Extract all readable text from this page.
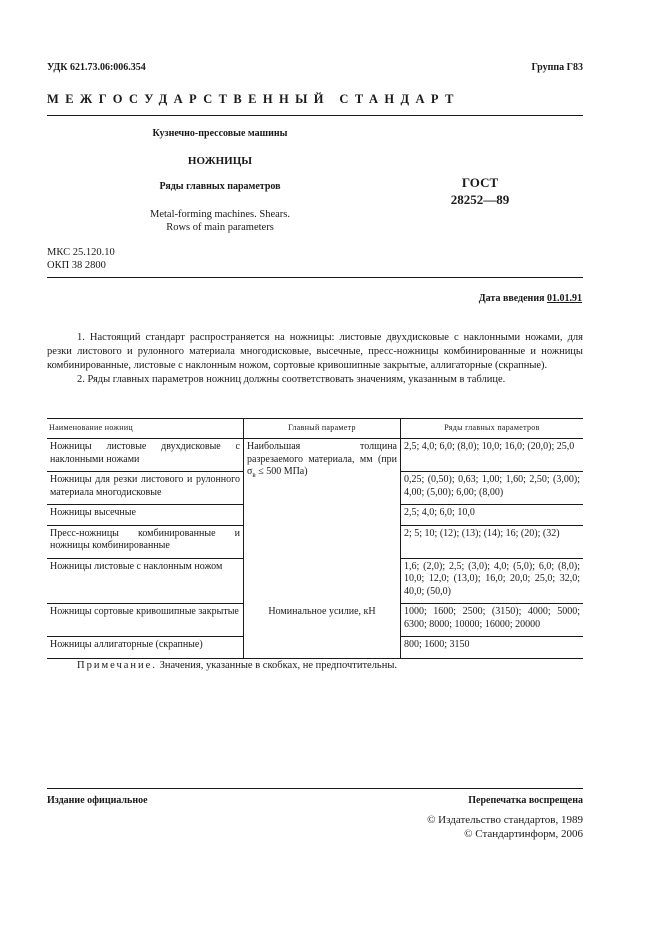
УДК 621.73.06:006.354	Группа Г83
МЕЖГОСУДАРСТВЕННЫЙ СТАНДАРТ
Кузнечно-прессовые машины
НОЖНИЦЫ
Ряды главных параметров
Metal-forming machines. Shears.
Rows of main parameters
ГОСТ
28252—89
МКС 25.120.10
ОКП 38 2800
Дата введения 01.01.91

1. Настоящий стандарт распространяется на ножницы: листовые двухдисковые с наклонными ножами, для резки листового и рулонного материала многодисковые, высечные, пресс-ножницы комбинированные и ножницы комбинированные, листовые с наклонным ножом, сортовые кривошипные закрытые, аллигаторные (скрапные).

2. Ряды главных параметров ножниц должны соответствовать значениям, указанным в таблице.

Наименование ножниц	Главный параметр	Ряды главных параметров
Ножницы листовые двухдисковые с наклонными ножами	Наибольшая толщина разрезаемого материала, мм (при $\sigma_в \le 500$ МПа)	2,5; 4,0; 6,0; (8,0); 10,0; 16,0; (20,0); 25,0
Ножницы для резки листового и рулонного материала многодисковые		0,25; (0,50); 0,63; 1,00; 1,60; 2,50; (3,00); 4,00; (5,00); 6,00; (8,00)
Ножницы высечные		2,5; 4,0; 6,0; 10,0
Пресс-ножницы комбинированные и ножницы комбинированные		2; 5; 10; (12); (13); (14); 16; (20); (32)
Ножницы листовые с наклонным ножом		1,6; (2,0); 2,5; (3,0); 4,0; (5,0); 6,0; (8,0); 10,0; 12,0; (13,0); 16,0; 20,0; 25,0; 32,0; 40,0; (50,0)
Ножницы сортовые кривошипные закрытые	Номинальное усилие, кН	1000; 1600; 2500; (3150); 4000; 5000; 6300; 8000; 10000; 16000; 20000
Ножницы аллигаторные (скрапные)		800; 1600; 3150
Примечание. Значения, указанные в скобках, не предпочтительны.
Издание официальное	Перепечатка воспрещена
© Издательство стандартов, 1989
© Стандартинформ, 2006
